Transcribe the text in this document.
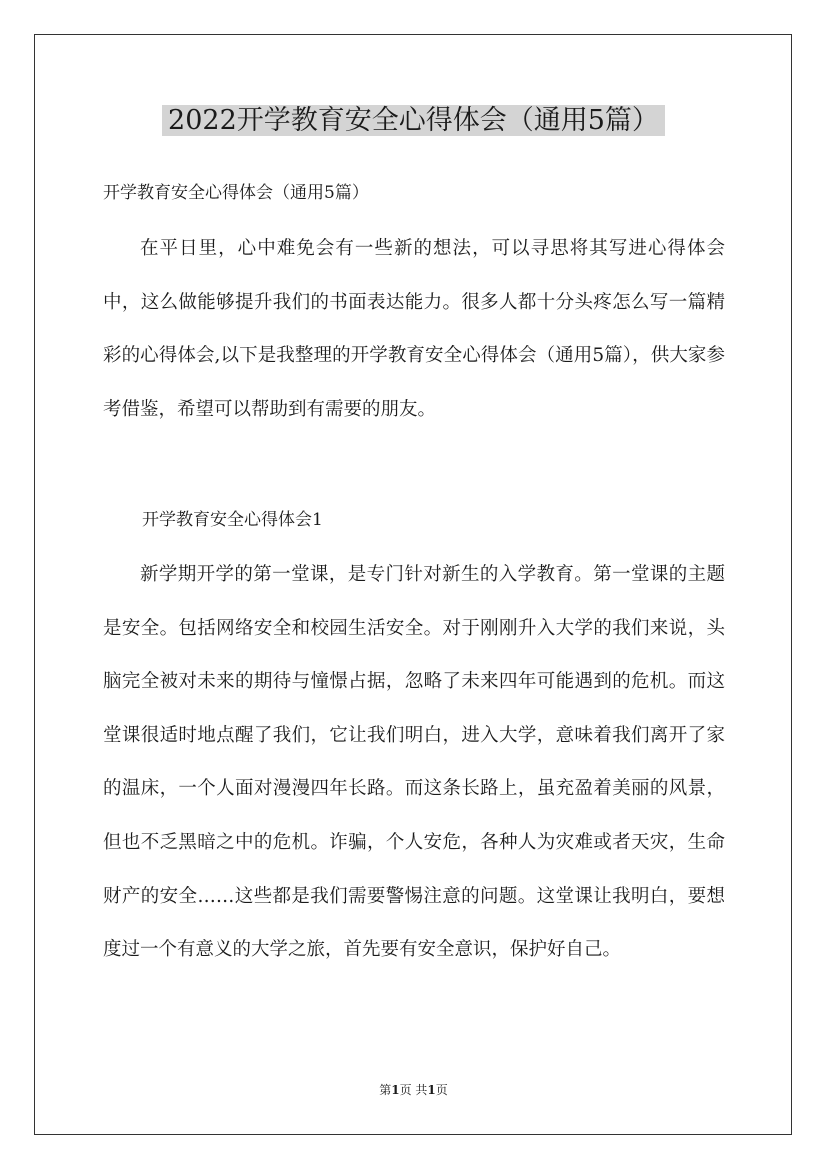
2022开学教育安全心得体会（通用5篇）
开学教育安全心得体会（通用5篇）

在平日里，心中难免会有一些新的想法，可以寻思将其写进心得体会中，这么做能够提升我们的书面表达能力。很多人都十分头疼怎么写一篇精彩的心得体会,以下是我整理的开学教育安全心得体会（通用5篇），供大家参考借鉴，希望可以帮助到有需要的朋友。

开学教育安全心得体会1

新学期开学的第一堂课，是专门针对新生的入学教育。第一堂课的主题是安全。包括网络安全和校园生活安全。对于刚刚升入大学的我们来说，头脑完全被对未来的期待与憧憬占据，忽略了未来四年可能遇到的危机。而这堂课很适时地点醒了我们，它让我们明白，进入大学，意味着我们离开了家的温床，一个人面对漫漫四年长路。而这条长路上，虽充盈着美丽的风景，但也不乏黑暗之中的危机。诈骗，个人安危，各种人为灾难或者天灾，生命财产的安全……这些都是我们需要警惕注意的问题。这堂课让我明白，要想度过一个有意义的大学之旅，首先要有安全意识，保护好自己。

第1页 共1页
